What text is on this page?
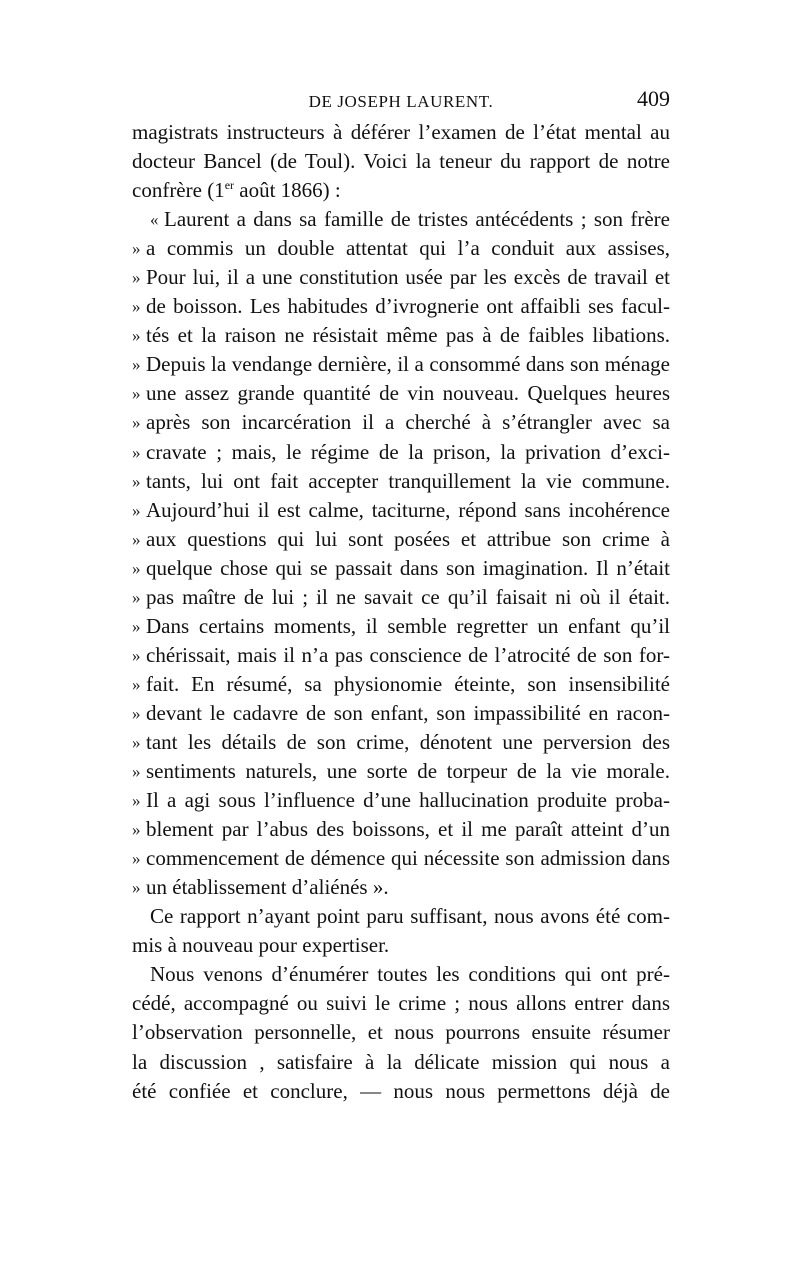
DE JOSEPH LAURENT.	409
magistrats instructeurs à déférer l’examen de l’état mental au
docteur Bancel (de Toul). Voici la teneur du rapport de notre
confrère (1er août 1866) :
« Laurent a dans sa famille de tristes antécédents ; son frère
» a commis un double attentat qui l’a conduit aux assises,
» Pour lui, il a une constitution usée par les excès de travail et
» de boisson. Les habitudes d’ivrognerie ont affaibli ses facul-
» tés et la raison ne résistait même pas à de faibles libations.
» Depuis la vendange dernière, il a consommé dans son ménage
» une assez grande quantité de vin nouveau. Quelques heures
» après son incarcération il a cherché à s’étrangler avec sa
» cravate ; mais, le régime de la prison, la privation d’exci-
» tants, lui ont fait accepter tranquillement la vie commune.
» Aujourd’hui il est calme, taciturne, répond sans incohérence
» aux questions qui lui sont posées et attribue son crime à
» quelque chose qui se passait dans son imagination. Il n’était
» pas maître de lui ; il ne savait ce qu’il faisait ni où il était.
» Dans certains moments, il semble regretter un enfant qu’il
» chérissait, mais il n’a pas conscience de l’atrocité de son for-
» fait. En résumé, sa physionomie éteinte, son insensibilité
» devant le cadavre de son enfant, son impassibilité en racon-
» tant les détails de son crime, dénotent une perversion des
» sentiments naturels, une sorte de torpeur de la vie morale.
» Il a agi sous l’influence d’une hallucination produite proba-
» blement par l’abus des boissons, et il me paraît atteint d’un
» commencement de démence qui nécessite son admission dans
» un établissement d’aliénés ».
Ce rapport n’ayant point paru suffisant, nous avons été com-
mis à nouveau pour expertiser.
Nous venons d’énumérer toutes les conditions qui ont pré-
cédé, accompagné ou suivi le crime ; nous allons entrer dans
l’observation personnelle, et nous pourrons ensuite résumer
la discussion , satisfaire à la délicate mission qui nous a
été confiée et conclure, — nous nous permettons déjà de
